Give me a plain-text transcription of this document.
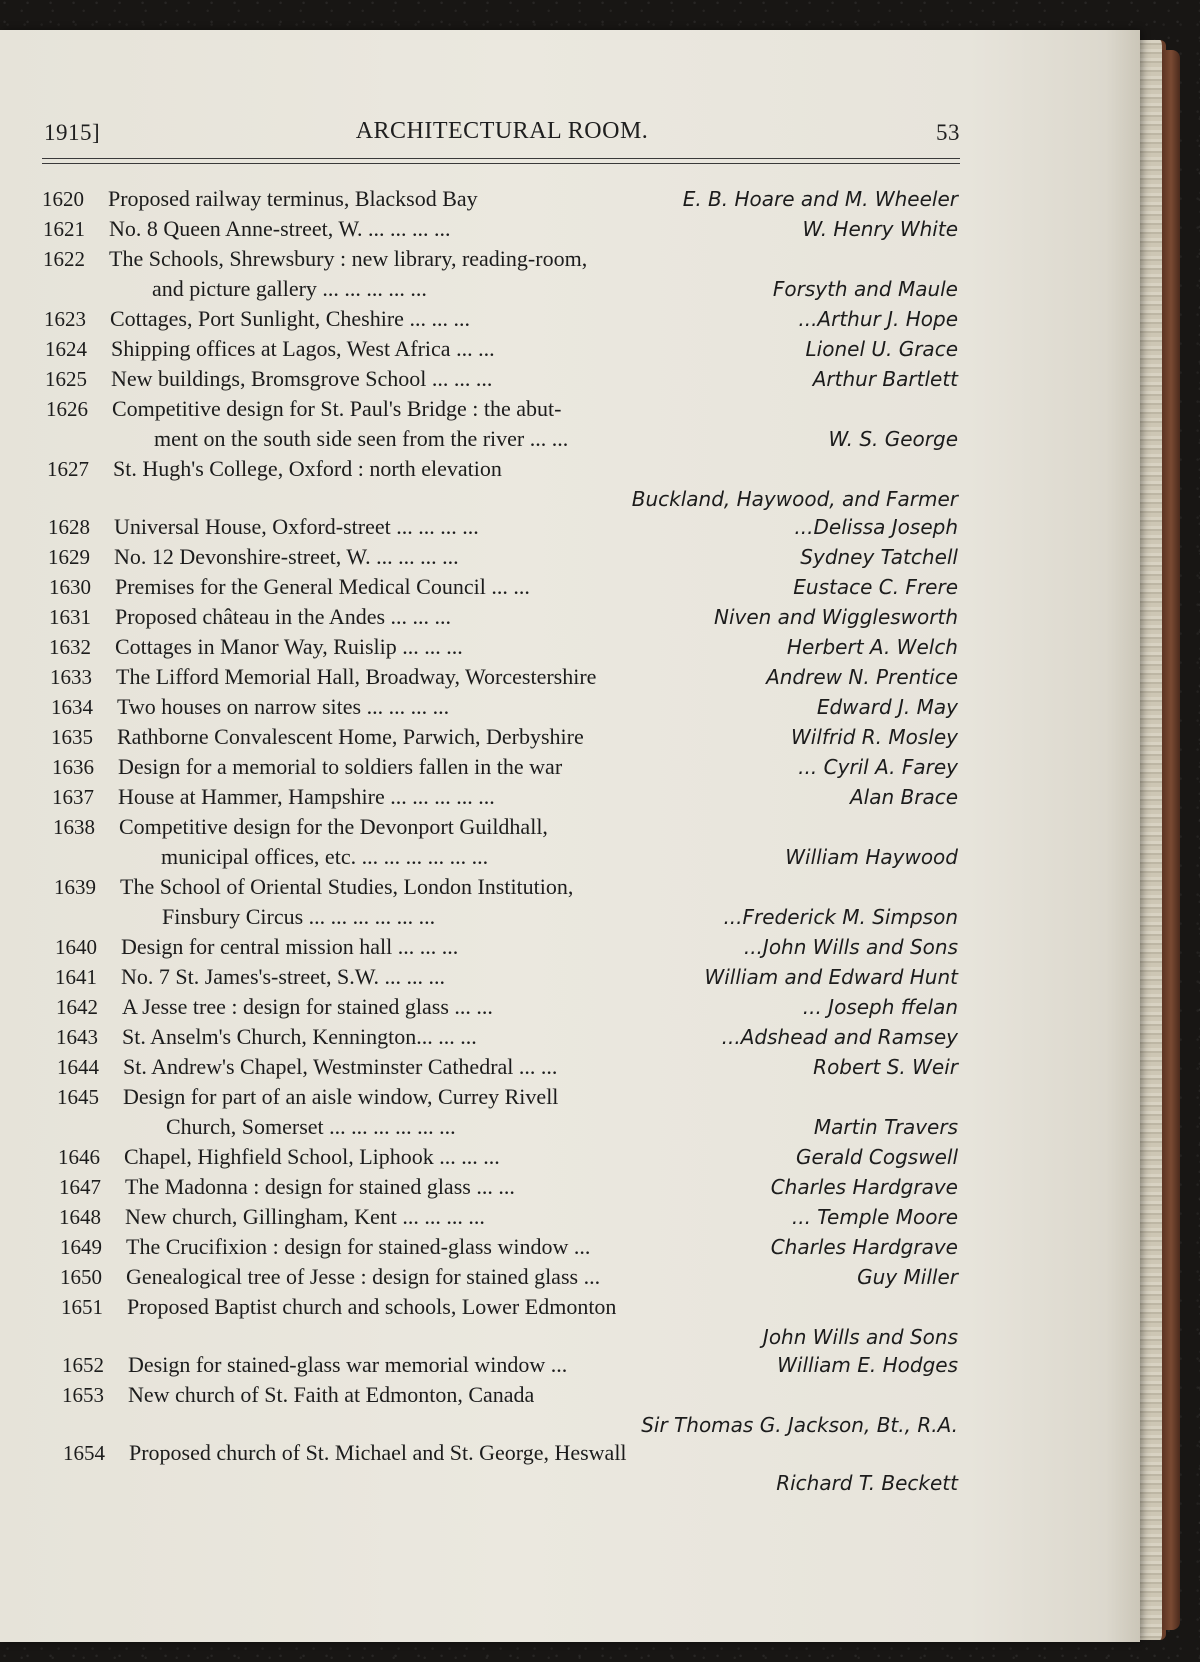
1915]	ARCHITECTURAL ROOM.	53
1620 Proposed railway terminus, Blacksod Bay	E. B. Hoare and M. Wheeler
1621 No. 8 Queen Anne-street, W. ... ... ... ...	W. Henry White
1622 The Schools, Shrewsbury : new library, reading-room,
and picture gallery ... ... ... ... ...	Forsyth and Maule
1623 Cottages, Port Sunlight, Cheshire ... ... ...	...Arthur J. Hope
1624 Shipping offices at Lagos, West Africa ... ...	Lionel U. Grace
1625 New buildings, Bromsgrove School ... ... ...	Arthur Bartlett
1626 Competitive design for St. Paul's Bridge : the abut-
ment on the south side seen from the river ... ...	W. S. George
1627 St. Hugh's College, Oxford : north elevation
Buckland, Haywood, and Farmer
1628 Universal House, Oxford-street ... ... ... ...	...Delissa Joseph
1629 No. 12 Devonshire-street, W. ... ... ... ...	Sydney Tatchell
1630 Premises for the General Medical Council ... ...	Eustace C. Frere
1631 Proposed château in the Andes ... ... ...	Niven and Wigglesworth
1632 Cottages in Manor Way, Ruislip ... ... ...	Herbert A. Welch
1633 The Lifford Memorial Hall, Broadway, Worcestershire	Andrew N. Prentice
1634 Two houses on narrow sites ... ... ... ...	Edward J. May
1635 Rathborne Convalescent Home, Parwich, Derbyshire	Wilfrid R. Mosley
1636 Design for a memorial to soldiers fallen in the war	... Cyril A. Farey
1637 House at Hammer, Hampshire ... ... ... ... ...	Alan Brace
1638 Competitive design for the Devonport Guildhall,
municipal offices, etc. ... ... ... ... ... ...	William Haywood
1639 The School of Oriental Studies, London Institution,
Finsbury Circus ... ... ... ... ... ...	...Frederick M. Simpson
1640 Design for central mission hall ... ... ...	...John Wills and Sons
1641 No. 7 St. James's-street, S.W. ... ... ...	William and Edward Hunt
1642 A Jesse tree : design for stained glass ... ...	... Joseph ffelan
1643 St. Anselm's Church, Kennington... ... ...	...Adshead and Ramsey
1644 St. Andrew's Chapel, Westminster Cathedral ... ...	Robert S. Weir
1645 Design for part of an aisle window, Currey Rivell
Church, Somerset ... ... ... ... ... ...	Martin Travers
1646 Chapel, Highfield School, Liphook ... ... ...	Gerald Cogswell
1647 The Madonna : design for stained glass ... ...	Charles Hardgrave
1648 New church, Gillingham, Kent ... ... ... ...	... Temple Moore
1649 The Crucifixion : design for stained-glass window ...	Charles Hardgrave
1650 Genealogical tree of Jesse : design for stained glass ...	Guy Miller
1651 Proposed Baptist church and schools, Lower Edmonton
John Wills and Sons
1652 Design for stained-glass war memorial window ...	William E. Hodges
1653 New church of St. Faith at Edmonton, Canada
Sir Thomas G. Jackson, Bt., R.A.
1654 Proposed church of St. Michael and St. George, Heswall
Richard T. Beckett
